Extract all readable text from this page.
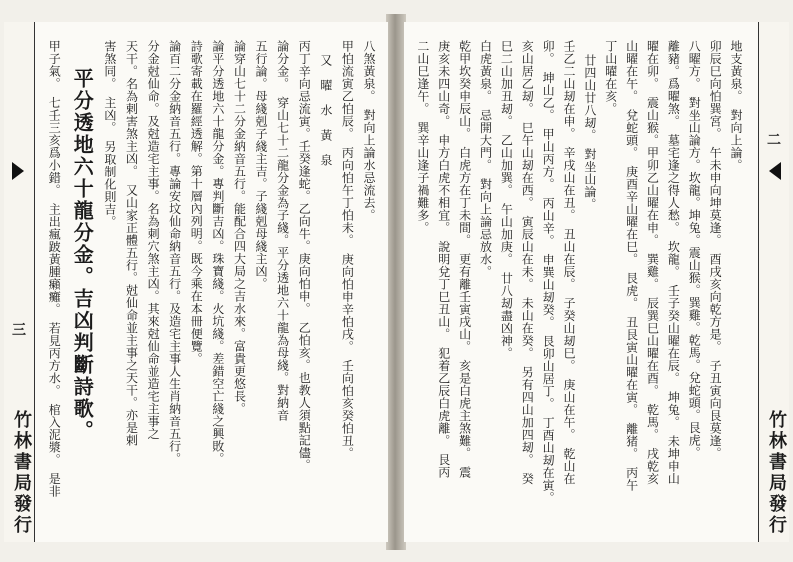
三
竹林書局發行
八煞黃泉。　對向上論水忌流去。
甲怕流寅乙怕辰。　丙向怕午丁怕未。　庚向怕申辛怕戌。　壬向怕亥癸怕丑。
又　曜　水　黃　泉
丙丁辛向忌流寅。壬癸逢蛇。乙向牛。庚向怕申。　乙怕亥。也教人須點記儘。
論分金。　穿山七十二龍分金為子綫。平分透地六十龍為母綫。對納音
五行論。母綫剋子綫主吉。子綫剋母綫主凶。
論穿山七十二分金納音五行。能配合四大局之吉水來。富貴更悠長。
論平分透地六十龍分金。專判斷吉凶。珠寶綫。火坑綫。差錯空亡綫之興敗。
詩歌寄載在羅經透解。第十層內列明。既今乘在本冊便覽。
論百二分金納音五行。專論安坟仙命納音五行。及造宅主事人生肖納音五行。
分金尅仙命。及尅造宅主事。名為刺穴煞主凶。其來尅仙命並造宅主事之
天干。名為剌害煞主凶。　又山家正體五行。尅仙命並主事之天干。亦是剌
害煞同。　主凶。　另取制化則吉。
平分透地六十龍分金。吉凶判斷詩歌。
甲子氣。　七壬三亥爲小錯。　主出瘋跛黃腫癩癱。　若見丙方水。　棺入泥漿。　是非	二
竹林書局發行
地支黃泉。　對向上論。
卯辰巳向怕巽宮。　午未申向坤莫逢。　酉戌亥向乾方是。　子丑寅向艮莫逢。
八曜方。　對坐山論方。坎龍。坤兔。震山猴。巽雞。乾馬。兌蛇頭。艮虎。
離豬。爲曜煞。　墓宅逢之得人愁。　坎龍。　壬子癸山曜在辰。　坤兔。　未坤申山
曜在卯。　震山猴。甲卯乙山曜在申。　巽雞。　辰巽巳山曜在酉。　乾馬。　戌乾亥
山曜在午。　兌蛇頭。　庚酉辛山曜在巳。　艮虎。　丑艮寅山曜在寅。　離猪。　丙午
丁山曜在亥。
廿四山廿八刼。　對坐山論。
壬乙二山刼在申。　辛戌山在丑。　丑山在辰。　子癸山刼巳。　庚山在午。　乾山在
卯。　坤山乙。　甲山丙方。　丙山辛。　申巽山刼癸。　艮卯山居丁。　丁酉山刼在寅。
亥山居乙刼。　巳午山刼在西。　寅辰山在未。　未山在癸。　另有四山加四刼。　癸
巳二山加丑刼。　乙山加巽。　午山加庚。　廿八刼盡凶神。
白虎黃泉。　忌開大門。　對向上論忌放水。
乾甲坎癸申辰山。　白虎方在丁未間。　更有離壬寅戌山。　亥是白虎主煞難。　震
庚亥未四山奇。　申方白虎不相宜。　說明兌丁巳丑山。　犯着乙辰白虎離。　艮丙
二山巳逢午。　巽辛山逢子禍難多。
